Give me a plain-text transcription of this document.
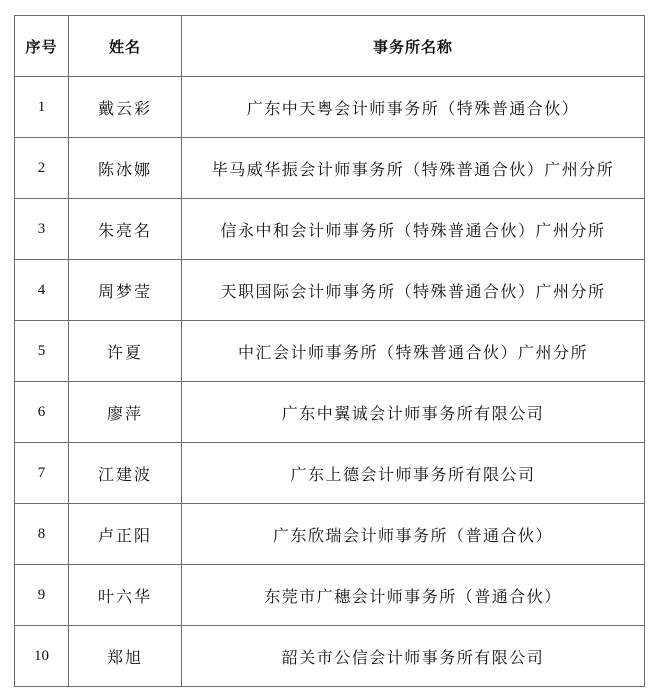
序号	姓名	事务所名称
1	戴云彩	广东中天粤会计师事务所（特殊普通合伙）
2	陈冰娜	毕马威华振会计师事务所（特殊普通合伙）广州分所
3	朱亮名	信永中和会计师事务所（特殊普通合伙）广州分所
4	周梦莹	天职国际会计师事务所（特殊普通合伙）广州分所
5	许夏	中汇会计师事务所（特殊普通合伙）广州分所
6	廖萍	广东中翼诚会计师事务所有限公司
7	江建波	广东上德会计师事务所有限公司
8	卢正阳	广东欣瑞会计师事务所（普通合伙）
9	叶六华	东莞市广穗会计师事务所（普通合伙）
10	郑旭	韶关市公信会计师事务所有限公司
